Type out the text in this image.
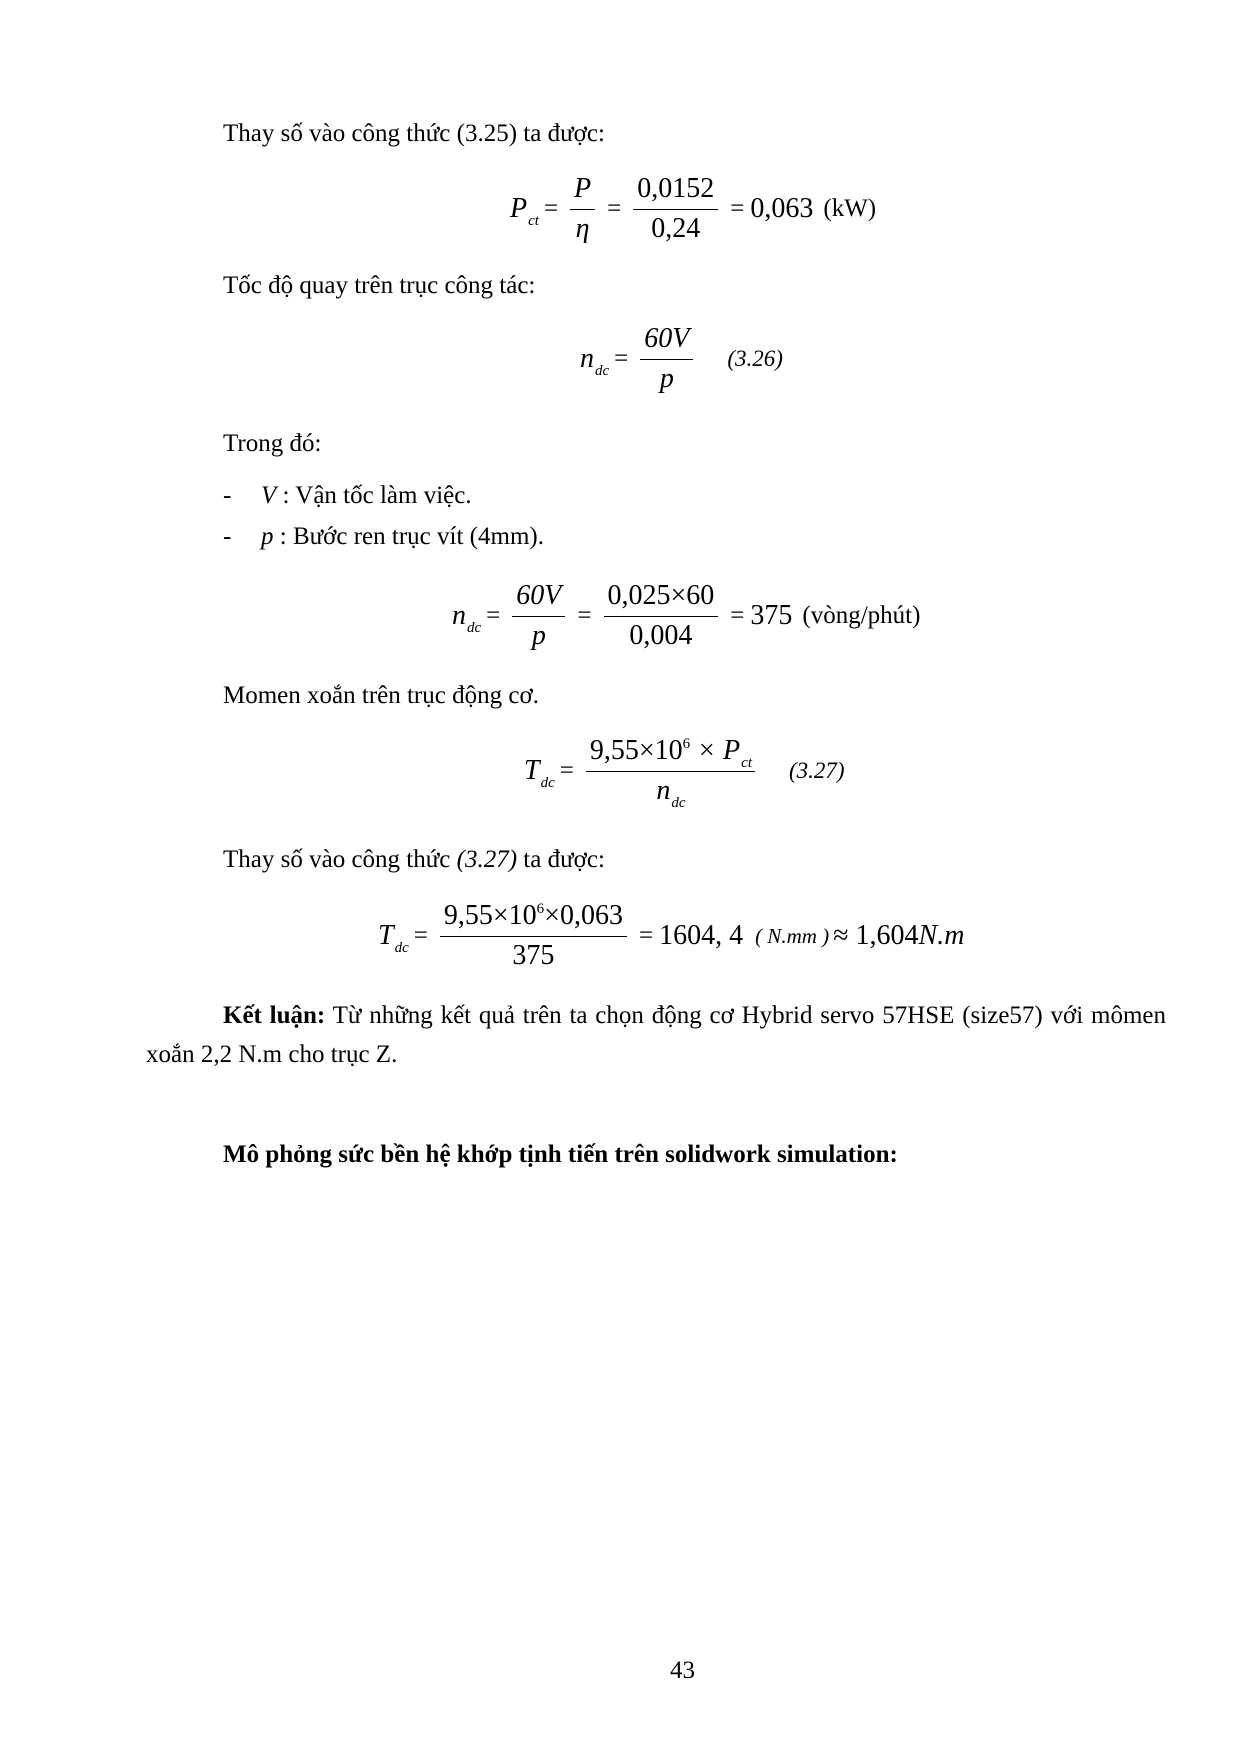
Thay số vào công thức (3.25) ta được:
$P_{ct} = \frac{P}{\eta} = \frac{0,0152}{0,24} = 0,063$ (kW)
Tốc độ quay trên trục công tác:
$n_{dc} = \frac{60V}{p} (3.26)$
Trong đó:
- V : Vận tốc làm việc.
- p : Bước ren trục vít (4mm).
$n_{dc} = \frac{60V}{p} = \frac{0,025\times 60}{0,004} = 375$ (vòng/phút)
Momen xoắn trên trục động cơ.
$T_{dc} = \frac{9,55\times 10^6 \times P_{ct}}{n_{dc}} (3.27)$
Thay số vào công thức (3.27) ta được:
$T_{dc} = \frac{9,55\times 10^6\times 0,063}{375} = 1604$, 4 ( N.mm ) ≈ 1,604 N.m
Kết luận: Từ những kết quả trên ta chọn động cơ Hybrid servo 57HSE (size57) với mômen xoắn 2,2 N.m cho trục Z.
Mô phỏng sức bền hệ khớp tịnh tiến trên solidwork simulation:
43
